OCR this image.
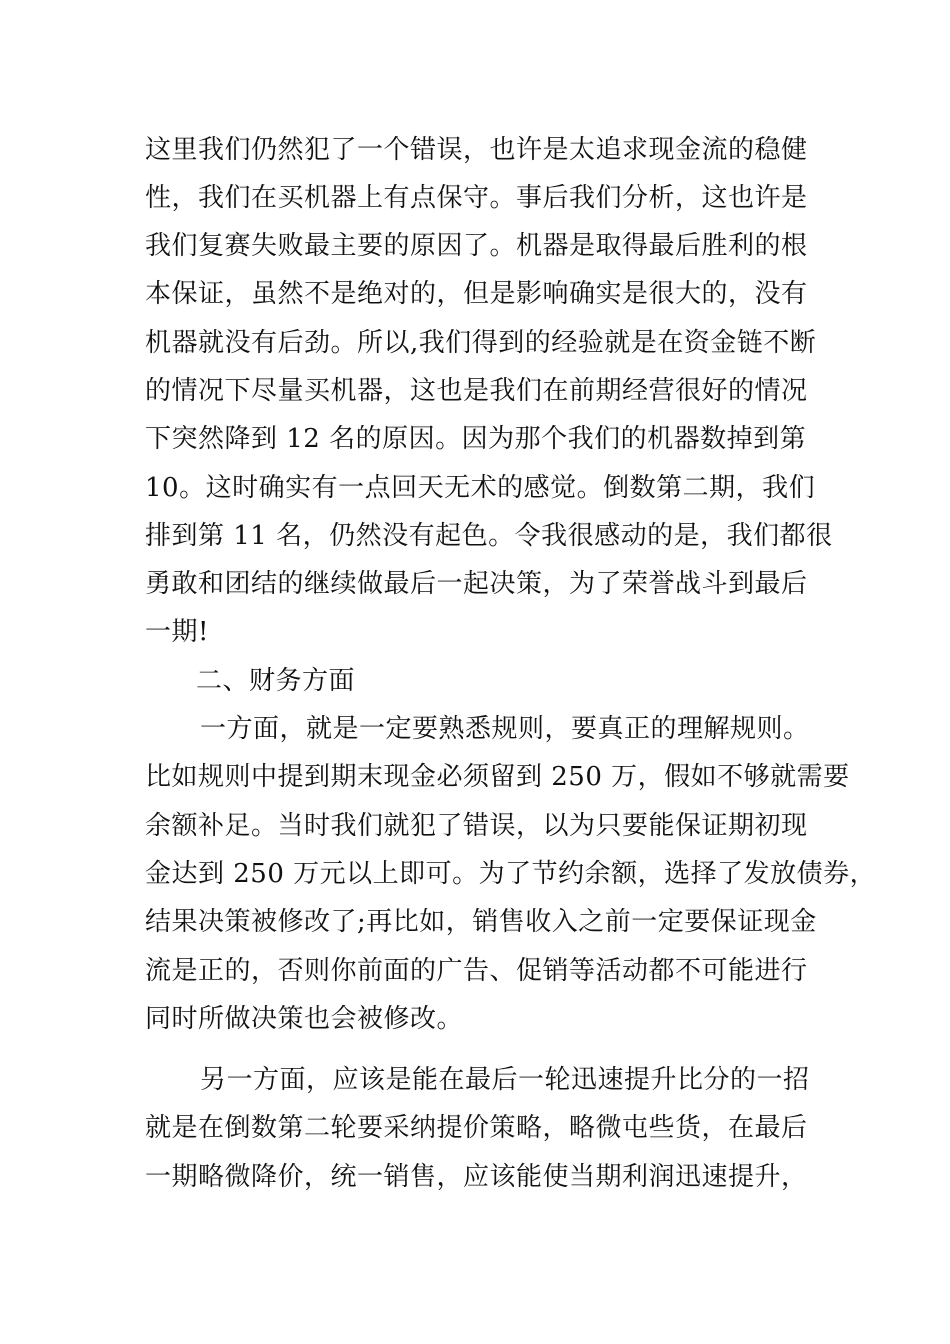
这里我们仍然犯了一个错误，也许是太追求现金流的稳健
性，我们在买机器上有点保守。事后我们分析，这也许是
我们复赛失败最主要的原因了。机器是取得最后胜利的根
本保证，虽然不是绝对的，但是影响确实是很大的，没有
机器就没有后劲。所以,我们得到的经验就是在资金链不断
的情况下尽量买机器，这也是我们在前期经营很好的情况
下突然降到 12 名的原因。因为那个我们的机器数掉到第
10。这时确实有一点回天无术的感觉。倒数第二期，我们
排到第 11 名，仍然没有起色。令我很感动的是，我们都很
勇敢和团结的继续做最后一起决策，为了荣誉战斗到最后
一期!
二、财务方面
一方面，就是一定要熟悉规则，要真正的理解规则。
比如规则中提到期末现金必须留到 250 万，假如不够就需要
余额补足。当时我们就犯了错误，以为只要能保证期初现
金达到 250 万元以上即可。为了节约余额，选择了发放债券，
结果决策被修改了;再比如，销售收入之前一定要保证现金
流是正的，否则你前面的广告、促销等活动都不可能进行
同时所做决策也会被修改。
另一方面，应该是能在最后一轮迅速提升比分的一招
就是在倒数第二轮要采纳提价策略，略微屯些货，在最后
一期略微降价，统一销售，应该能使当期利润迅速提升，
